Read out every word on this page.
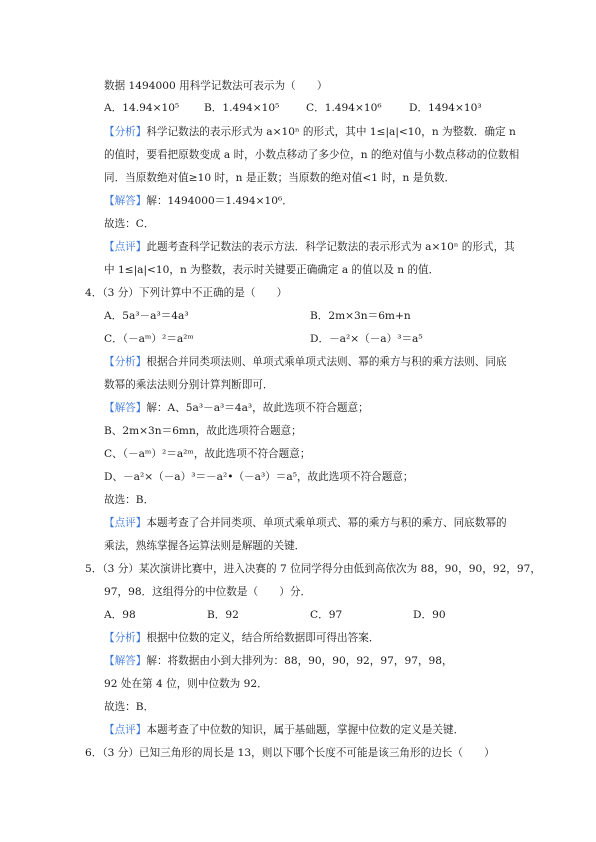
数据 1494000 用科学记数法可表示为（　　）
A．14.94×10⁵ B．1.494×10⁵	C．1.494×10⁶	D．1494×10³
【分析】科学记数法的表示形式为 a×10ⁿ 的形式，其中 1≤|a|<10，n 为整数．确定 n
的值时，要看把原数变成 a 时，小数点移动了多少位，n 的绝对值与小数点移动的位数相
同．当原数绝对值≥10 时，n 是正数；当原数的绝对值<1 时，n 是负数．
【解答】解：1494000＝1.494×10⁶．
故选：C．
【点评】此题考查科学记数法的表示方法．科学记数法的表示形式为 a×10ⁿ 的形式，其
中 1≤|a|<10，n 为整数，表示时关键要正确确定 a 的值以及 n 的值．
4．（3 分）下列计算中不正确的是（　　）
A．5a³－a³＝4a³	B．2m×3n＝6m+n
C．（－aᵐ）²＝a²ᵐ	D．－a²×（－a）³＝a⁵
【分析】根据合并同类项法则、单项式乘单项式法则、幂的乘方与积的乘方法则、同底
数幂的乘法法则分别计算判断即可．
【解答】解：A、5a³－a³＝4a³，故此选项不符合题意；
B、2m×3n＝6mn，故此选项符合题意；
C、（－aᵐ）²＝a²ᵐ，故此选项不符合题意；
D、－a²×（－a）³＝－a²•（－a³）＝a⁵，故此选项不符合题意；
故选：B．
【点评】本题考查了合并同类项、单项式乘单项式、幂的乘方与积的乘方、同底数幂的
乘法，熟练掌握各运算法则是解题的关键．
5．（3 分）某次演讲比赛中，进入决赛的 7 位同学得分由低到高依次为 88，90，90，92，97，
97，98．这组得分的中位数是（　　）分．
A．98	B．92	C．97	D．90
【分析】根据中位数的定义，结合所给数据即可得出答案．
【解答】解：将数据由小到大排列为：88，90，90，92，97，97，98，
92 处在第 4 位，则中位数为 92．
故选：B．
【点评】本题考查了中位数的知识，属于基础题，掌握中位数的定义是关键．
6．（3 分）已知三角形的周长是 13，则以下哪个长度不可能是该三角形的边长（　　）
